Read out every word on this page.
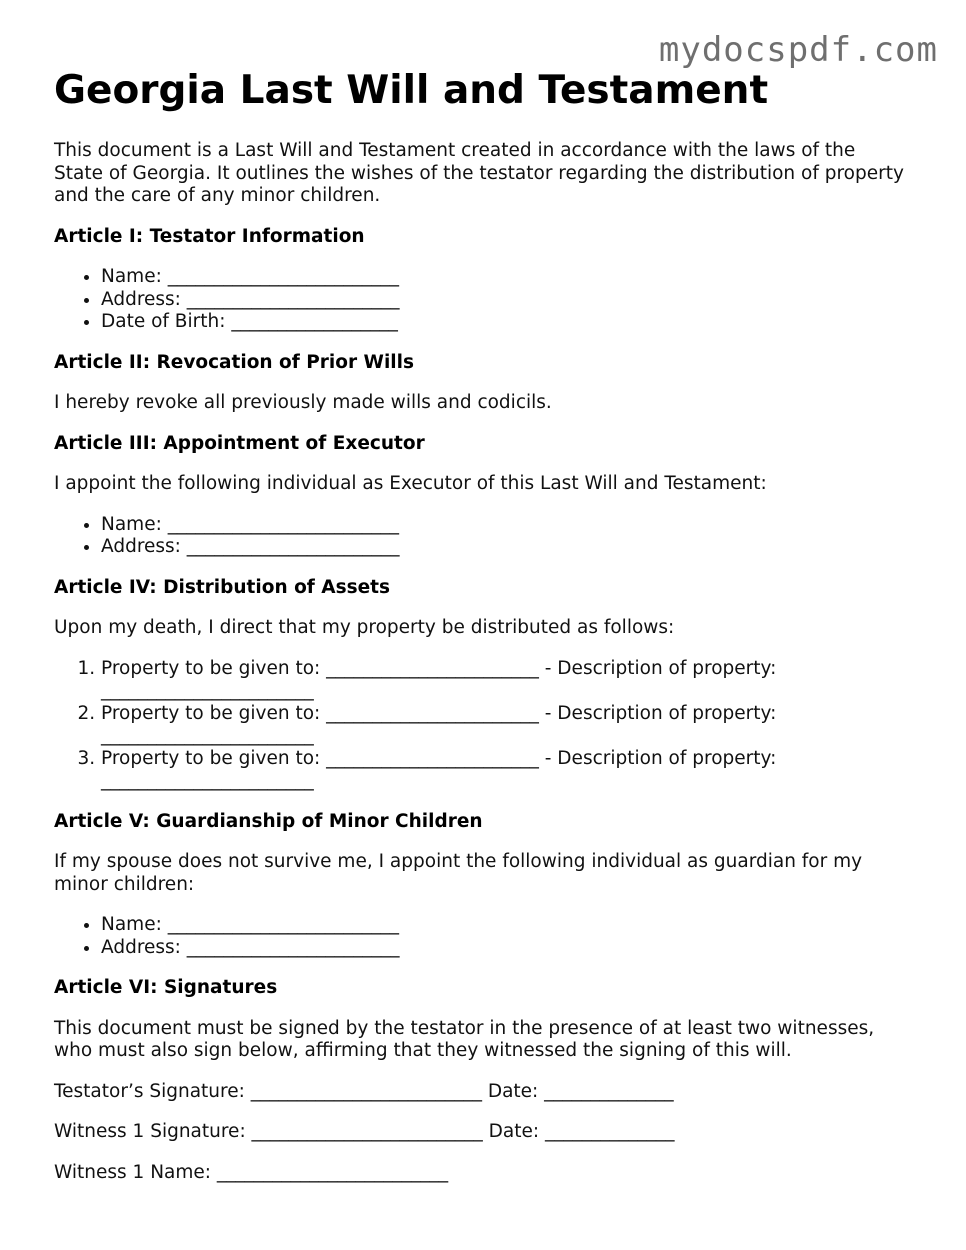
mydocspdf.com
Georgia Last Will and Testament

This document is a Last Will and Testament created in accordance with the laws of the State of Georgia. It outlines the wishes of the testator regarding the distribution of property and the care of any minor children.

Article I: Testator Information
• Name: _________________________
• Address: _______________________
• Date of Birth: __________________
Article II: Revocation of Prior Wills

I hereby revoke all previously made wills and codicils.

Article III: Appointment of Executor

I appoint the following individual as Executor of this Last Will and Testament:

• Name: _________________________
• Address: _______________________
Article IV: Distribution of Assets

Upon my death, I direct that my property be distributed as follows:

1. Property to be given to: _______________________ - Description of property: _______________________
2. Property to be given to: _______________________ - Description of property: _______________________
3. Property to be given to: _______________________ - Description of property: _______________________
Article V: Guardianship of Minor Children

If my spouse does not survive me, I appoint the following individual as guardian for my minor children:

• Name: _________________________
• Address: _______________________
Article VI: Signatures

This document must be signed by the testator in the presence of at least two witnesses, who must also sign below, affirming that they witnessed the signing of this will.

Testator’s Signature: _________________________ Date: ______________

Witness 1 Signature: _________________________ Date: ______________

Witness 1 Name: _________________________
